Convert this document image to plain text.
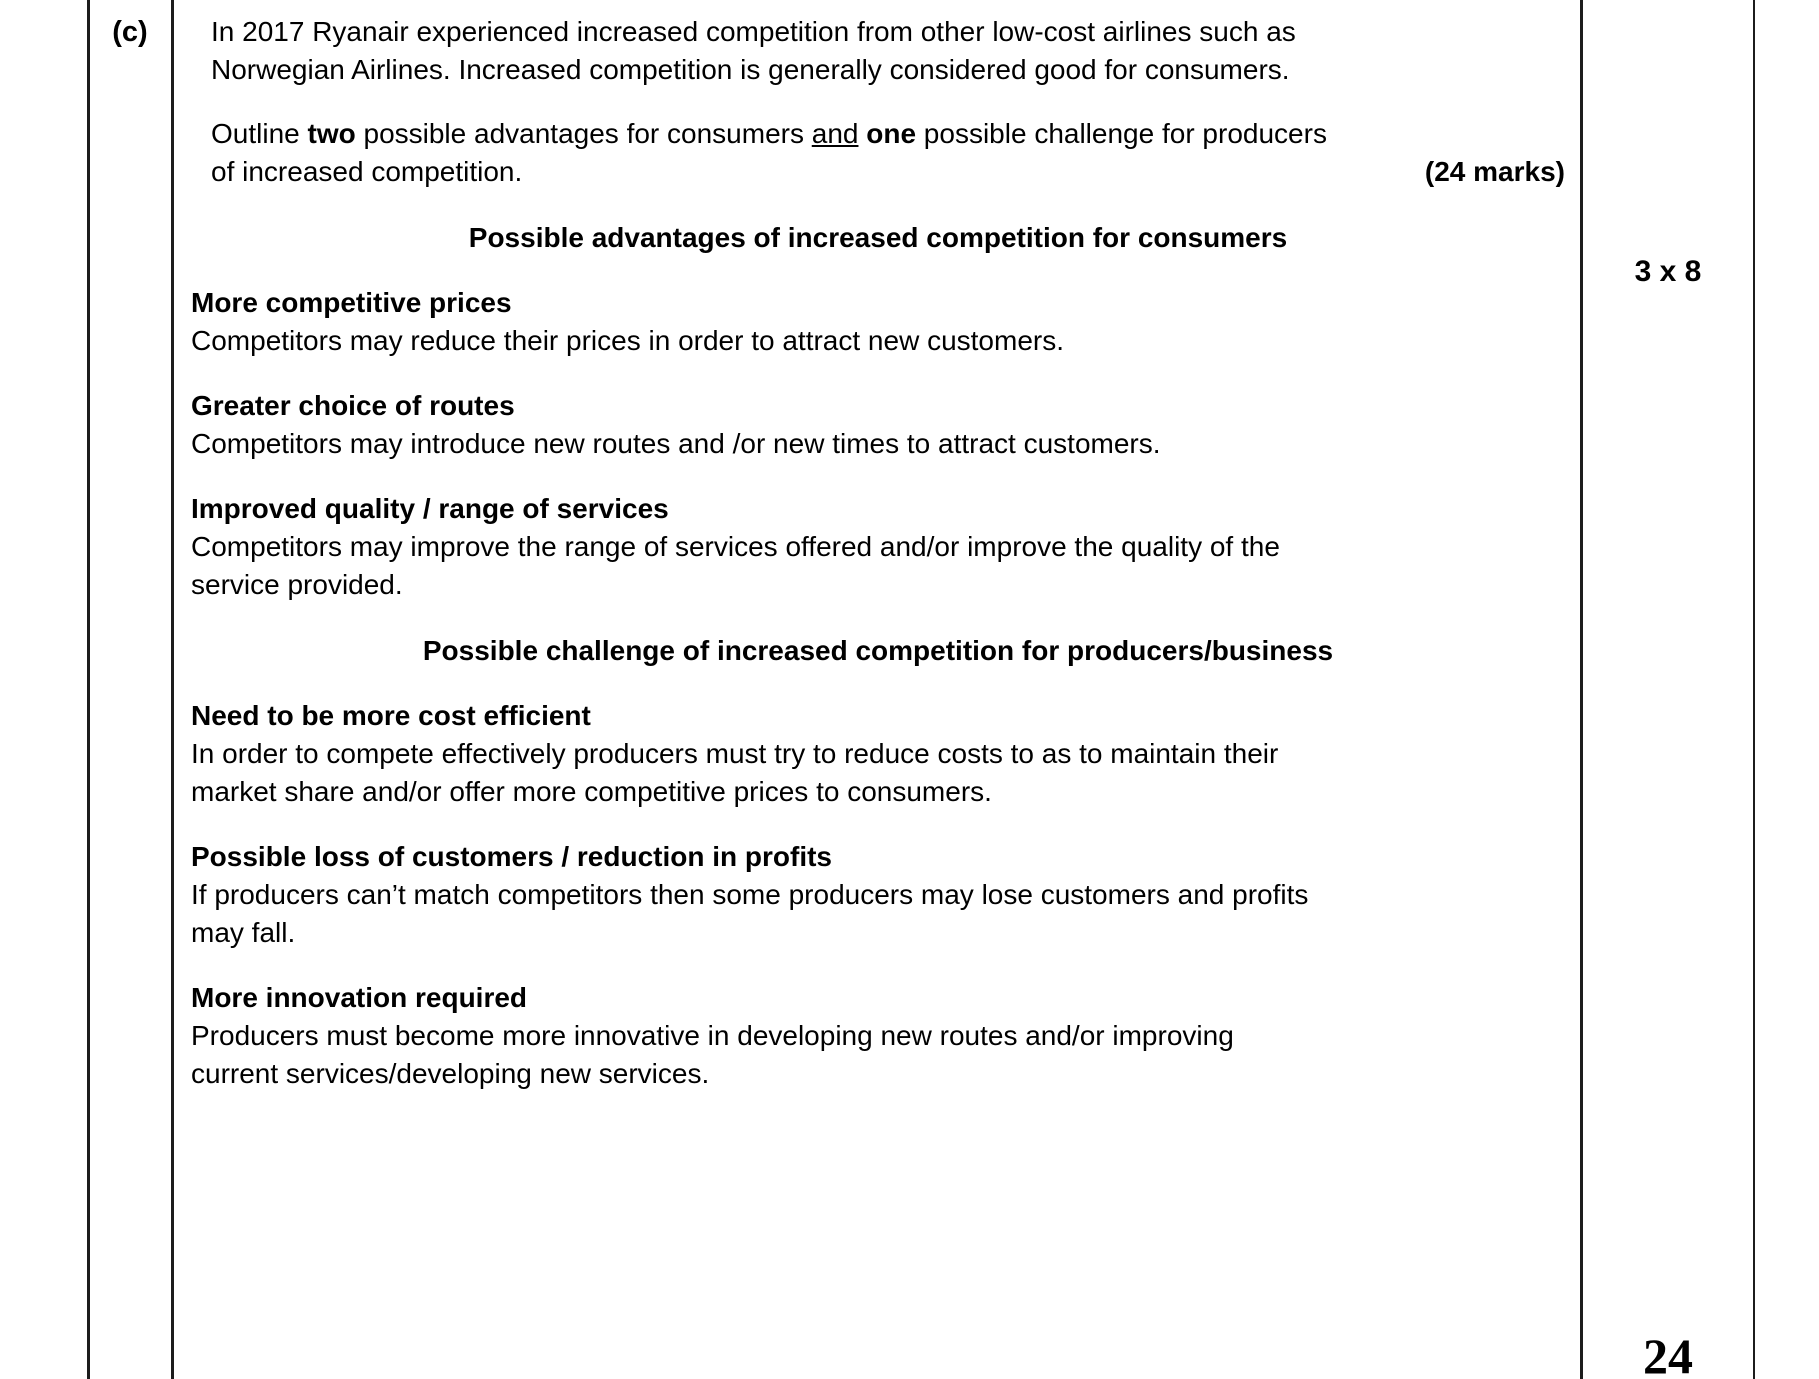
(c)	In 2017 Ryanair experienced increased competition from other low-cost airlines such as
Norwegian Airlines. Increased competition is generally considered good for consumers.

Outline two possible advantages for consumers and one possible challenge for producers
of increased competition.	(24 marks)

Possible advantages of increased competition for consumers
More competitive prices
Competitors may reduce their prices in order to attract new customers.
Greater choice of routes
Competitors may introduce new routes and /or new times to attract customers.
Improved quality / range of services
Competitors may improve the range of services offered and/or improve the quality of the
service provided.
Possible challenge of increased competition for producers/business
Need to be more cost efficient
In order to compete effectively producers must try to reduce costs to as to maintain their
market share and/or offer more competitive prices to consumers.
Possible loss of customers / reduction in profits
If producers can’t match competitors then some producers may lose customers and profits
may fall.
More innovation required
Producers must become more innovative in developing new routes and/or improving
current services/developing new services.
3 x 8
24
